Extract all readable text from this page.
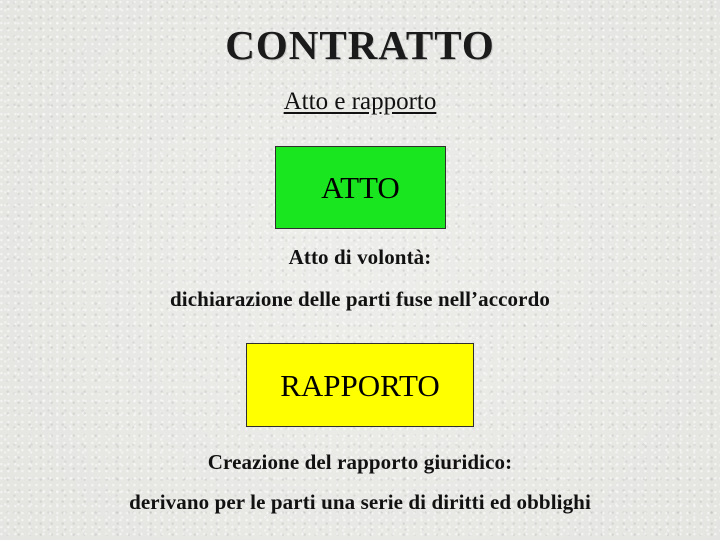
CONTRATTO
Atto e rapporto
ATTO
Atto di volontà:
dichiarazione delle parti fuse nell’accordo
RAPPORTO
Creazione del rapporto giuridico:
derivano per le parti una serie di diritti ed obblighi
